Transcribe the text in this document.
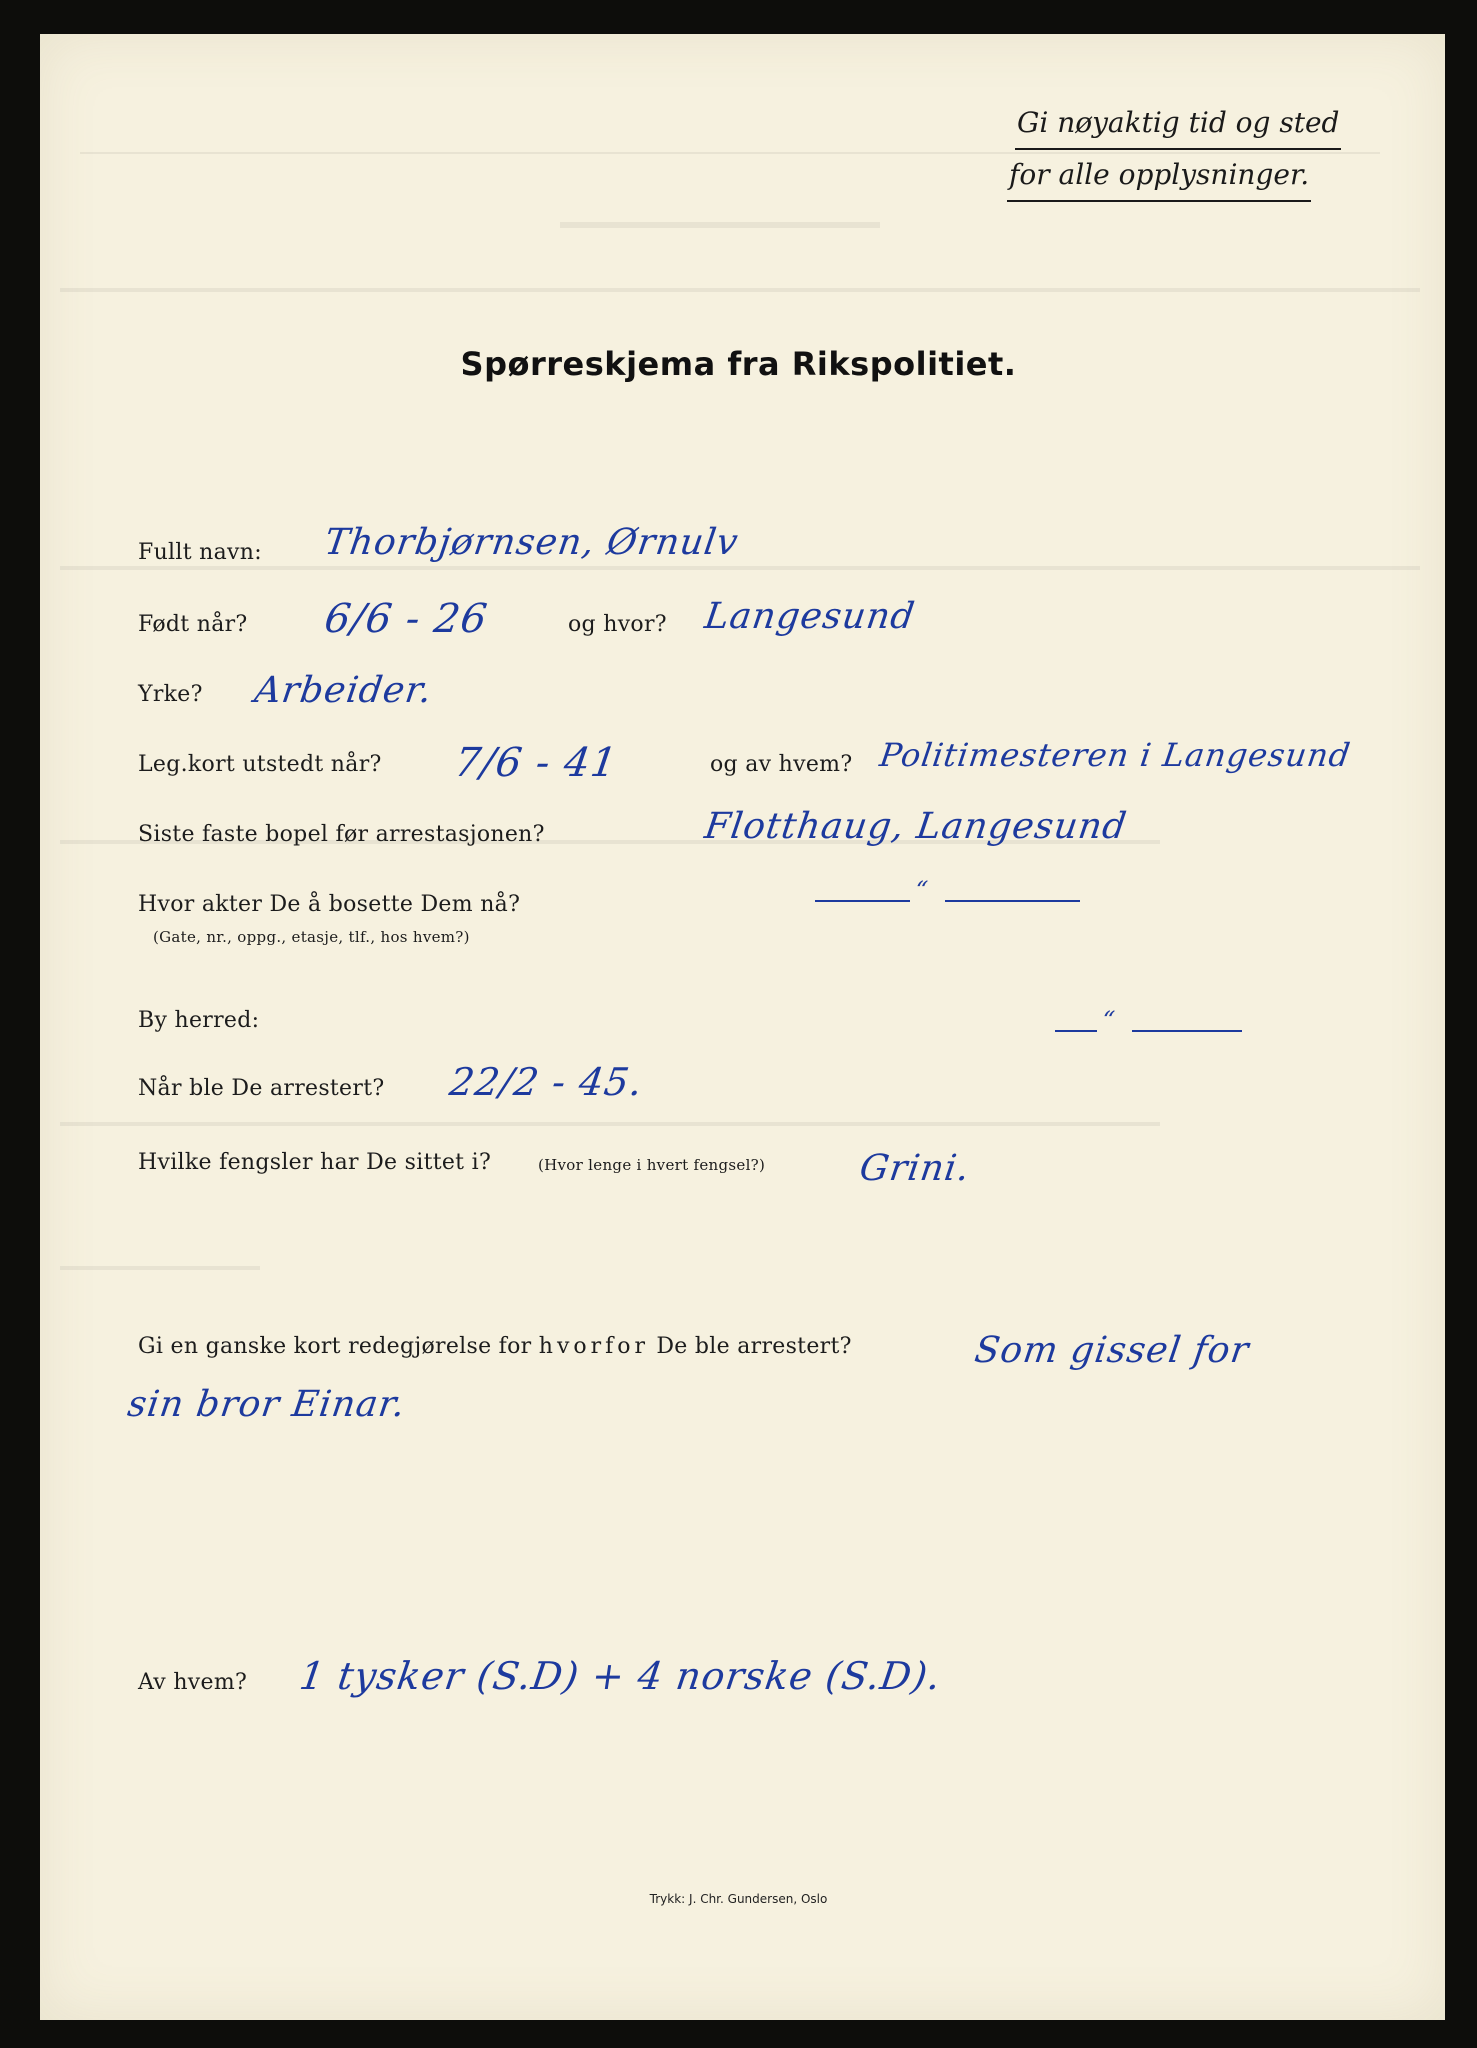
Gi nøyaktig tid og sted
for alle opplysninger.
Spørreskjema fra Rikspolitiet.
Fullt navn: Thorbjørnsen, Ørnulv
Født når? 6/6 - 26	og hvor? Langesund
Yrke? Arbeider.
Leg.kort utstedt når? 7/6 - 41	og av hvem? Politimesteren i Langesund
Siste faste bopel før arrestasjonen?	Flotthaug, Langesund
Hvor akter De å bosette Dem nå?
(Gate, nr., oppg., etasje, tlf., hos hvem?)
“
By herred:	“
Når ble De arrestert? 22/2 - 45.
Hvilke fengsler har De sittet i?	(Hvor lenge i hvert fengsel?)	Grini.
Gi en ganske kort redegjørelse for hvorfor De ble arrestert?	Som gissel for
sin bror Einar.
Av hvem? 1 tysker (S.D) + 4 norske (S.D).
Trykk: J. Chr. Gundersen, Oslo
